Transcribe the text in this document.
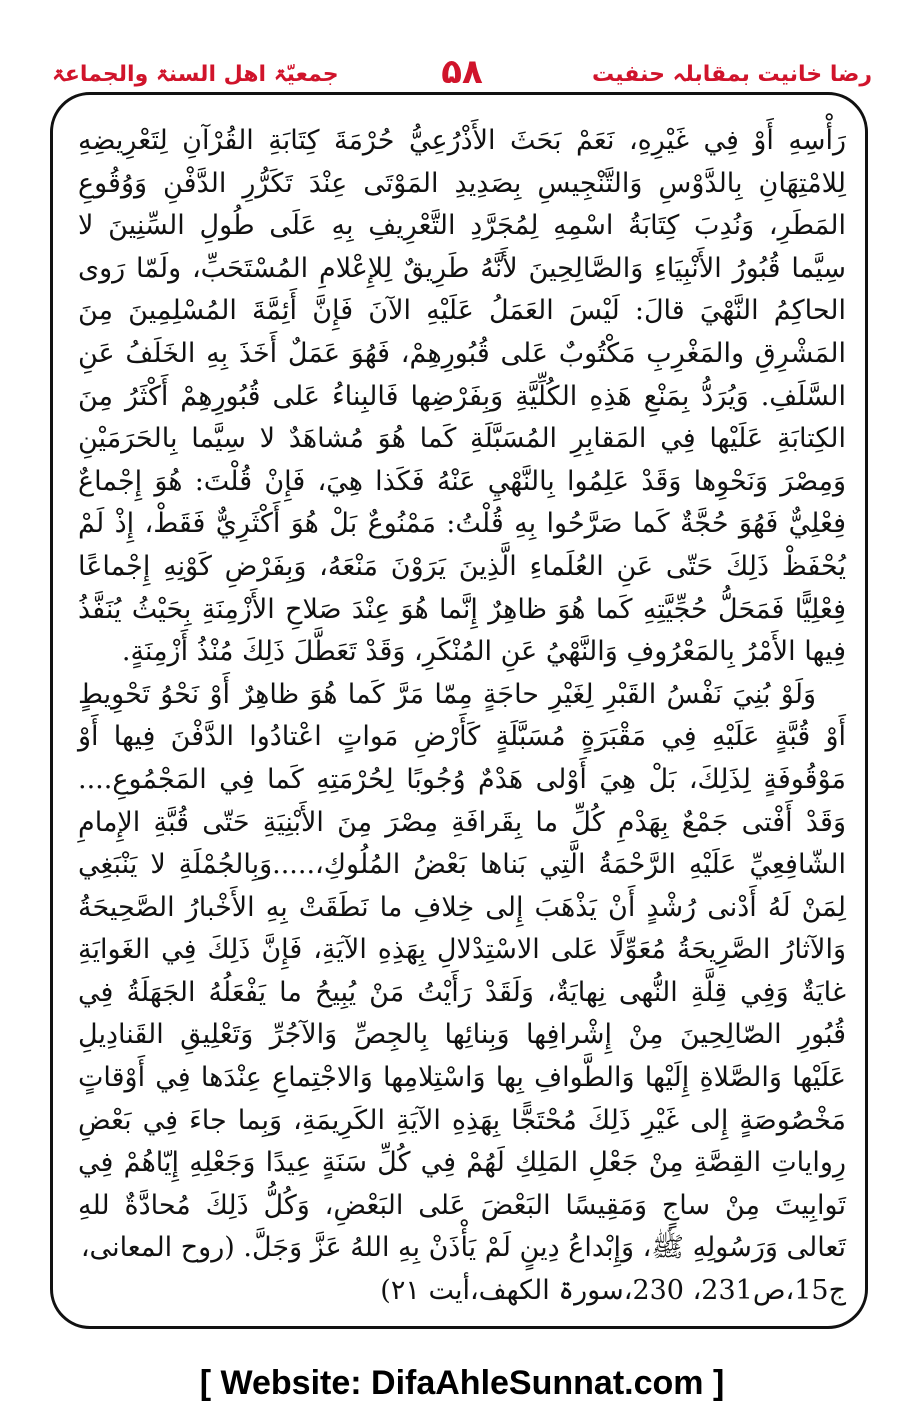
رضا خانیت بمقابلہ حنفیت
۵۸
جمعیّۃ اھل السنۃ والجماعۃ

رَأْسِهِ أَوْ فِي غَيْرِهِ، نَعَمْ بَحَثَ الأَذْرُعِيُّ حُرْمَةَ كِتَابَةِ القُرْآنِ لِتَعْرِيضِهِ لِلامْتِهَانِ بِالدَّوْسِ وَالتَّنْجِيسِ بِصَدِيدِ المَوْتَى عِنْدَ تَكَرُّرِ الدَّفْنِ وَوُقُوعِ المَطَرِ، وَنُدِبَ كِتَابَةُ اسْمِهِ لِمُجَرَّدِ التَّعْرِيفِ بِهِ عَلَى طُولِ السِّنِينَ لا سِيَّما قُبُورُ الأَنْبِيَاءِ وَالصَّالِحِينَ لأَنَّهُ طَرِيقٌ لِلإِعْلامِ المُسْتَحَبِّ، ولَمّا رَوى الحاكِمُ النَّهْيَ قالَ: لَيْسَ العَمَلُ عَلَيْهِ الآنَ فَإِنَّ أَئِمَّةَ المُسْلِمِينَ مِنَ المَشْرِقِ والمَغْرِبِ مَكْتُوبٌ عَلى قُبُورِهِمْ، فَهُوَ عَمَلٌ أَخَذَ بِهِ الخَلَفُ عَنِ السَّلَفِ. وَيُرَدُّ بِمَنْعِ هَذِهِ الكُلِّيَّةِ وَبِفَرْضِها فَالبِناءُ عَلى قُبُورِهِمْ أَكْثَرُ مِنَ الكِتابَةِ عَلَيْها فِي المَقابِرِ المُسَبَّلَةِ كَما هُوَ مُشاهَدٌ لا سِيَّما بِالحَرَمَيْنِ وَمِصْرَ وَنَحْوِها وَقَدْ عَلِمُوا بِالنَّهْيِ عَنْهُ فَكَذا هِيَ، فَإِنْ قُلْتَ: هُوَ إِجْماعٌ فِعْلِيٌّ فَهُوَ حُجَّةٌ كَما صَرَّحُوا بِهِ قُلْتُ: مَمْنُوعٌ بَلْ هُوَ أَكْثَرِيٌّ فَقَطْ، إِذْ لَمْ يُحْفَظْ ذَلِكَ حَتّى عَنِ العُلَماءِ الَّذِينَ يَرَوْنَ مَنْعَهُ، وَبِفَرْضِ كَوْنِهِ إِجْماعًا فِعْلِيًّا فَمَحَلُّ حُجِّيَّتِهِ كَما هُوَ ظاهِرٌ إِنَّما هُوَ عِنْدَ صَلاحِ الأَزْمِنَةِ بِحَيْثُ يُنَفَّذُ فِيها الأَمْرُ بِالمَعْرُوفِ وَالنَّهْيُ عَنِ المُنْكَرِ، وَقَدْ تَعَطَّلَ ذَلِكَ مُنْذُ أَزْمِنَةٍ.

وَلَوْ بُنِيَ نَفْسُ القَبْرِ لِغَيْرِ حاجَةٍ مِمّا مَرَّ كَما هُوَ ظاهِرٌ أَوْ نَحْوُ تَحْوِيطٍ أَوْ قُبَّةٍ عَلَيْهِ فِي مَقْبَرَةٍ مُسَبَّلَةٍ كَأَرْضِ مَواتٍ اعْتادُوا الدَّفْنَ فِيها أَوْ مَوْقُوفَةٍ لِذَلِكَ، بَلْ هِيَ أَوْلى هَدْمٌ وُجُوبًا لِحُرْمَتِهِ كَما فِي المَجْمُوعِ.... وَقَدْ أَفْتى جَمْعٌ بِهَدْمِ كُلِّ ما بِقَرافَةِ مِصْرَ مِنَ الأَبْنِيَةِ حَتّى قُبَّةِ الإِمامِ الشّافِعِيِّ عَلَيْهِ الرَّحْمَةُ الَّتِي بَناها بَعْضُ المُلُوكِ،.....وَبِالجُمْلَةِ لا يَنْبَغِي لِمَنْ لَهُ أَدْنى رُشْدٍ أَنْ يَذْهَبَ إِلى خِلافِ ما نَطَقَتْ بِهِ الأَخْبارُ الصَّحِيحَةُ وَالآثارُ الصَّرِيحَةُ مُعَوِّلًا عَلى الاسْتِدْلالِ بِهَذِهِ الآيَةِ، فَإِنَّ ذَلِكَ فِي الغَوايَةِ غايَةٌ وَفِي قِلَّةِ النُّهى نِهايَةٌ، وَلَقَدْ رَأَيْتُ مَنْ يُبِيحُ ما يَفْعَلُهُ الجَهَلَةُ فِي قُبُورِ الصّالِحِينَ مِنْ إِشْرافِها وَبِنائِها بِالجِصِّ وَالآجُرِّ وَتَعْلِيقِ القَنادِيلِ عَلَيْها وَالصَّلاةِ إِلَيْها وَالطَّوافِ بِها وَاسْتِلامِها وَالاجْتِماعِ عِنْدَها فِي أَوْقاتٍ مَخْصُوصَةٍ إِلى غَيْرِ ذَلِكَ مُحْتَجًّا بِهَذِهِ الآيَةِ الكَرِيمَةِ، وَبِما جاءَ فِي بَعْضِ رِواياتِ القِصَّةِ مِنْ جَعْلِ المَلِكِ لَهُمْ فِي كُلِّ سَنَةٍ عِيدًا وَجَعْلِهِ إِيّاهُمْ فِي تَوابِيتَ مِنْ ساجٍ وَمَقِيسًا البَعْضَ عَلى البَعْضِ، وَكُلُّ ذَلِكَ مُحادَّةٌ للهِ تَعالى وَرَسُولِهِ ﷺ، وَإِبْداعُ دِينٍ لَمْ يَأْذَنْ بِهِ اللهُ عَزَّ وَجَلَّ. (روح المعانی،

ج15،ص231، 230،سورۃ الکھف،أیت ۲۱)

[ Website: DifaAhleSunnat.com ]
